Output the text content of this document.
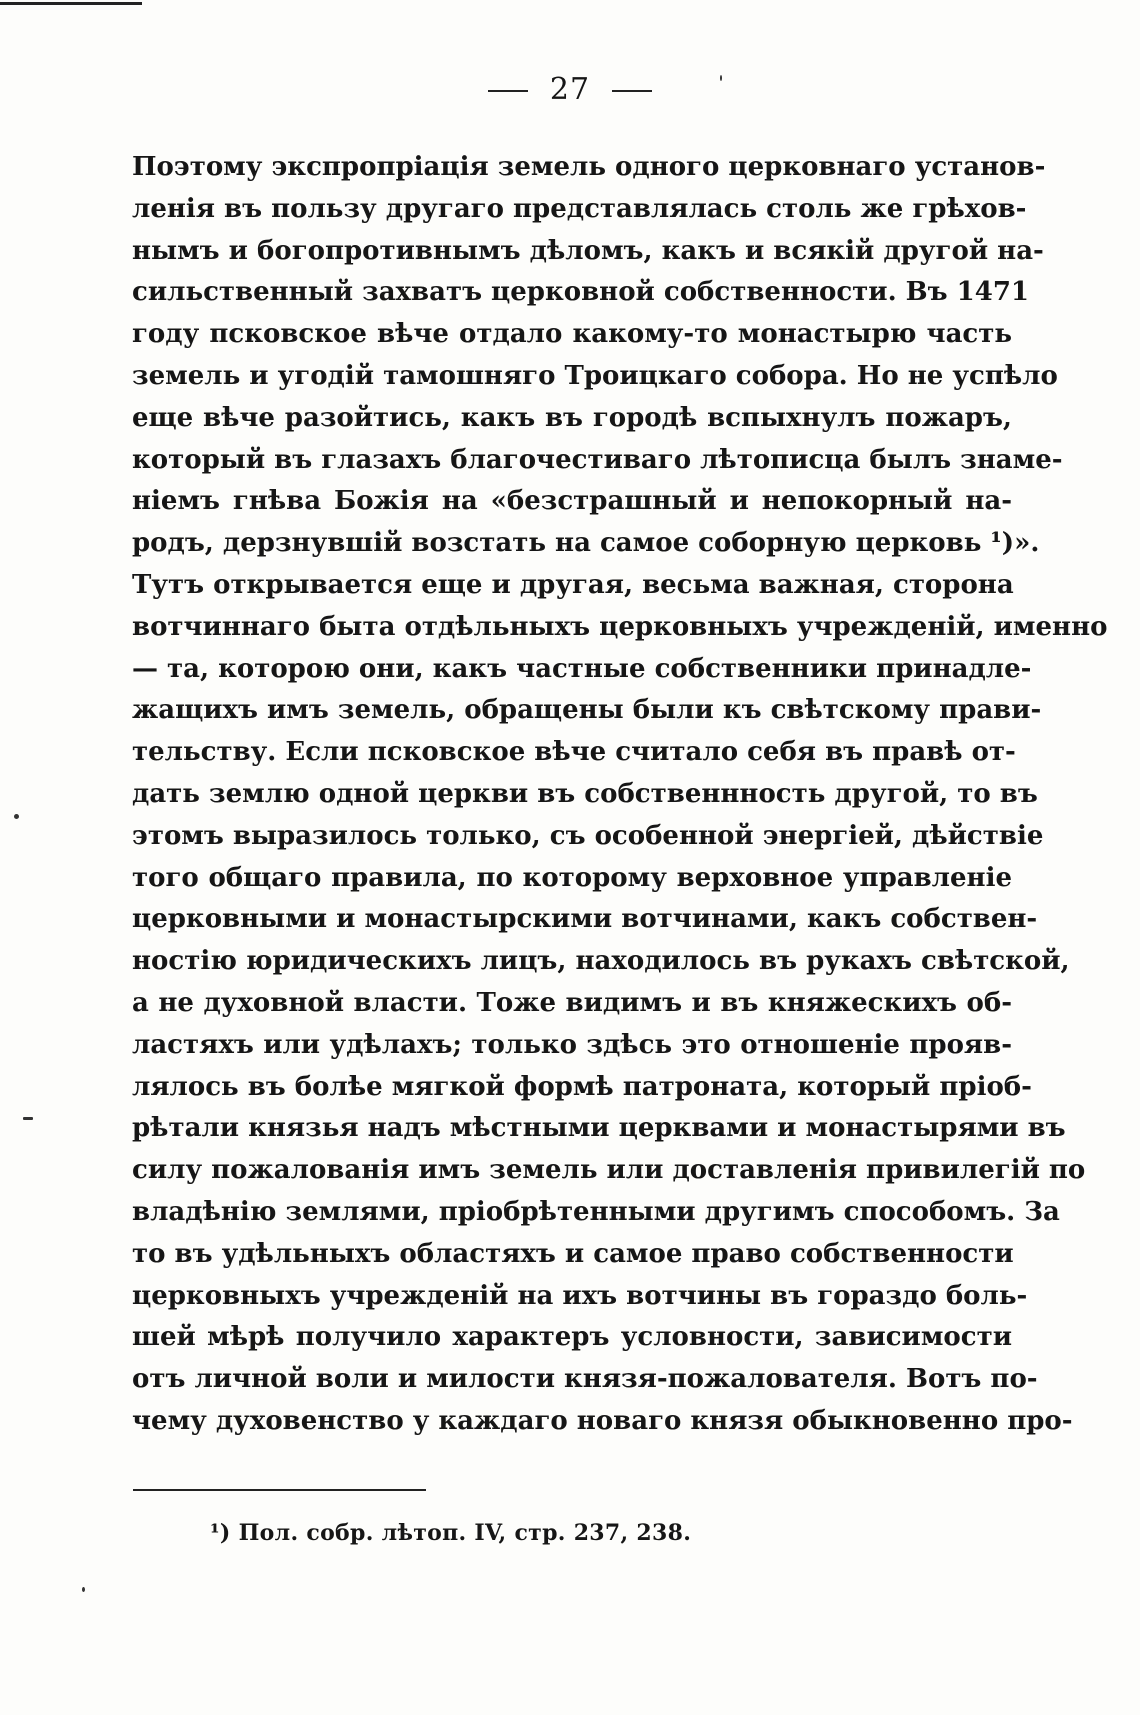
27
Поэтому экспропріація земель одного церковнаго установ-
ленія въ пользу другаго представлялась столь же грѣхов-
нымъ и богопротивнымъ дѣломъ, какъ и всякій другой на-
сильственный захватъ церковной собственности. Въ 1471
году псковское вѣче отдало какому-то монастырю часть
земель и угодій тамошняго Троицкаго собора. Но не успѣло
еще вѣче разойтись, какъ въ городѣ вспыхнулъ пожаръ,
который въ глазахъ благочестиваго лѣтописца былъ знаме-
ніемъ гнѣва Божія на «безстрашный и непокорный на-
родъ, дерзнувшій возстать на самое соборную церковь ¹)».
Тутъ открывается еще и другая, весьма важная, сторона
вотчиннаго быта отдѣльныхъ церковныхъ учрежденій, именно
— та, которою они, какъ частные собственники принадле-
жащихъ имъ земель, обращены были къ свѣтскому прави-
тельству. Если псковское вѣче считало себя въ правѣ от-
дать землю одной церкви въ собственнность другой, то въ
этомъ выразилось только, съ особенной энергіей, дѣйствіе
того общаго правила, по которому верховное управленіе
церковными и монастырскими вотчинами, какъ собствен-
ностію юридическихъ лицъ, находилось въ рукахъ свѣтской,
а не духовной власти. Тоже видимъ и въ княжескихъ об-
ластяхъ или удѣлахъ; только здѣсь это отношеніе прояв-
лялось въ болѣе мягкой формѣ патроната, который пріоб-
рѣтали князья надъ мѣстными церквами и монастырями въ
силу пожалованія имъ земель или доставленія привилегій по
владѣнію землями, пріобрѣтенными другимъ способомъ. За
то въ удѣльныхъ областяхъ и самое право собственности
церковныхъ учрежденій на ихъ вотчины въ гораздо боль-
шей мѣрѣ получило характеръ условности, зависимости
отъ личной воли и милости князя-пожалователя. Вотъ по-
чему духовенство у каждаго новаго князя обыкновенно про-
¹) Пол. собр. лѣтоп. IV, стр. 237, 238.
